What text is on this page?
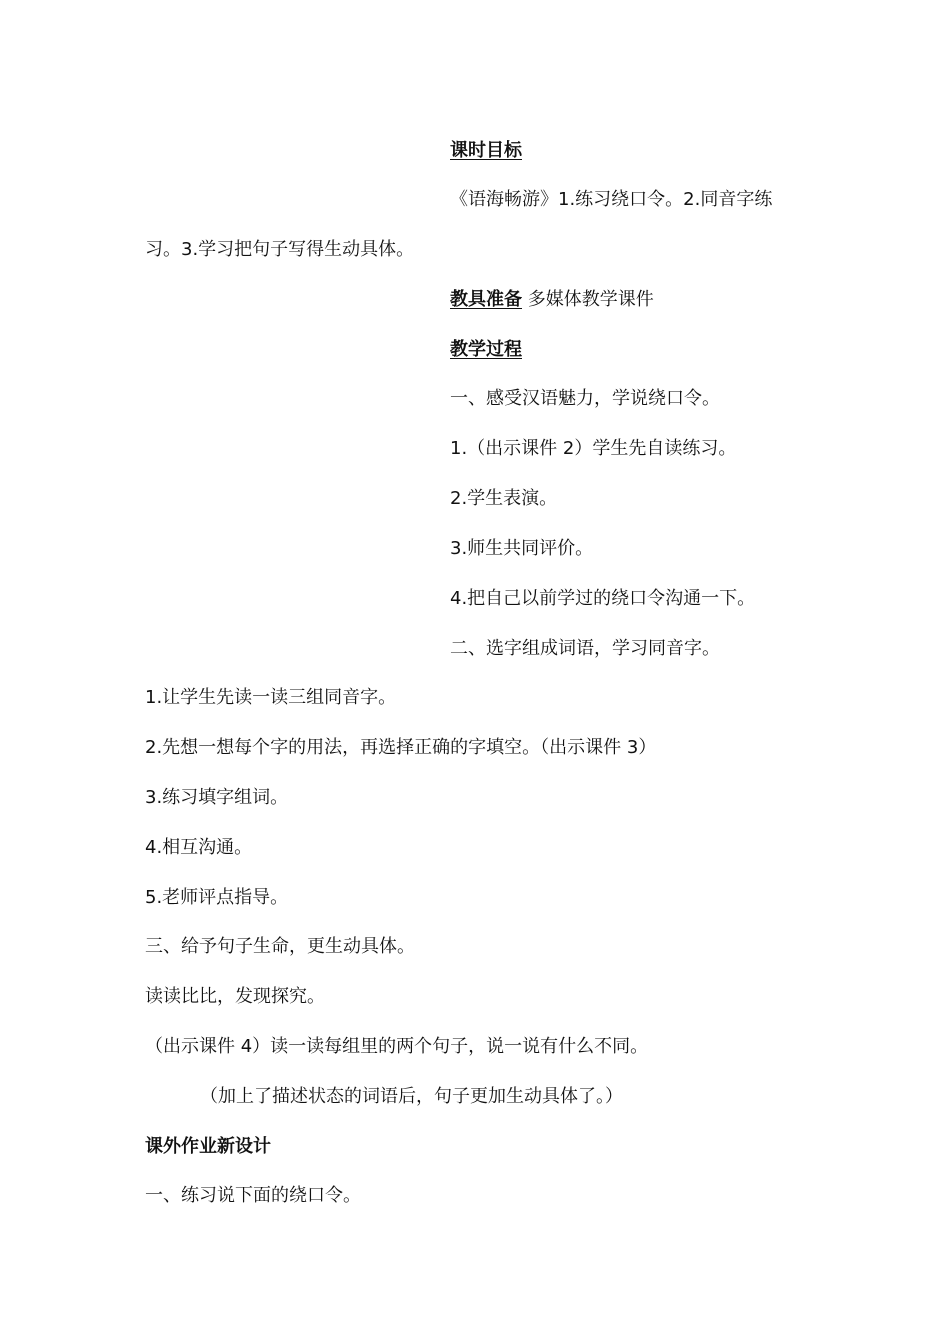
课时目标
《语海畅游》1.练习绕口令。2.同音字练
习。3.学习把句子写得生动具体。
教具准备 多媒体教学课件
教学过程
一、感受汉语魅力，学说绕口令。
1.（出示课件 2）学生先自读练习。
2.学生表演。
3.师生共同评价。
4.把自己以前学过的绕口令沟通一下。
二、选字组成词语，学习同音字。
1.让学生先读一读三组同音字。
2.先想一想每个字的用法，再选择正确的字填空。（出示课件 3）
3.练习填字组词。
4.相互沟通。
5.老师评点指导。
三、给予句子生命，更生动具体。
读读比比，发现探究。
（出示课件 4）读一读每组里的两个句子，说一说有什么不同。
（加上了描述状态的词语后，句子更加生动具体了。）
课外作业新设计
一、练习说下面的绕口令。
